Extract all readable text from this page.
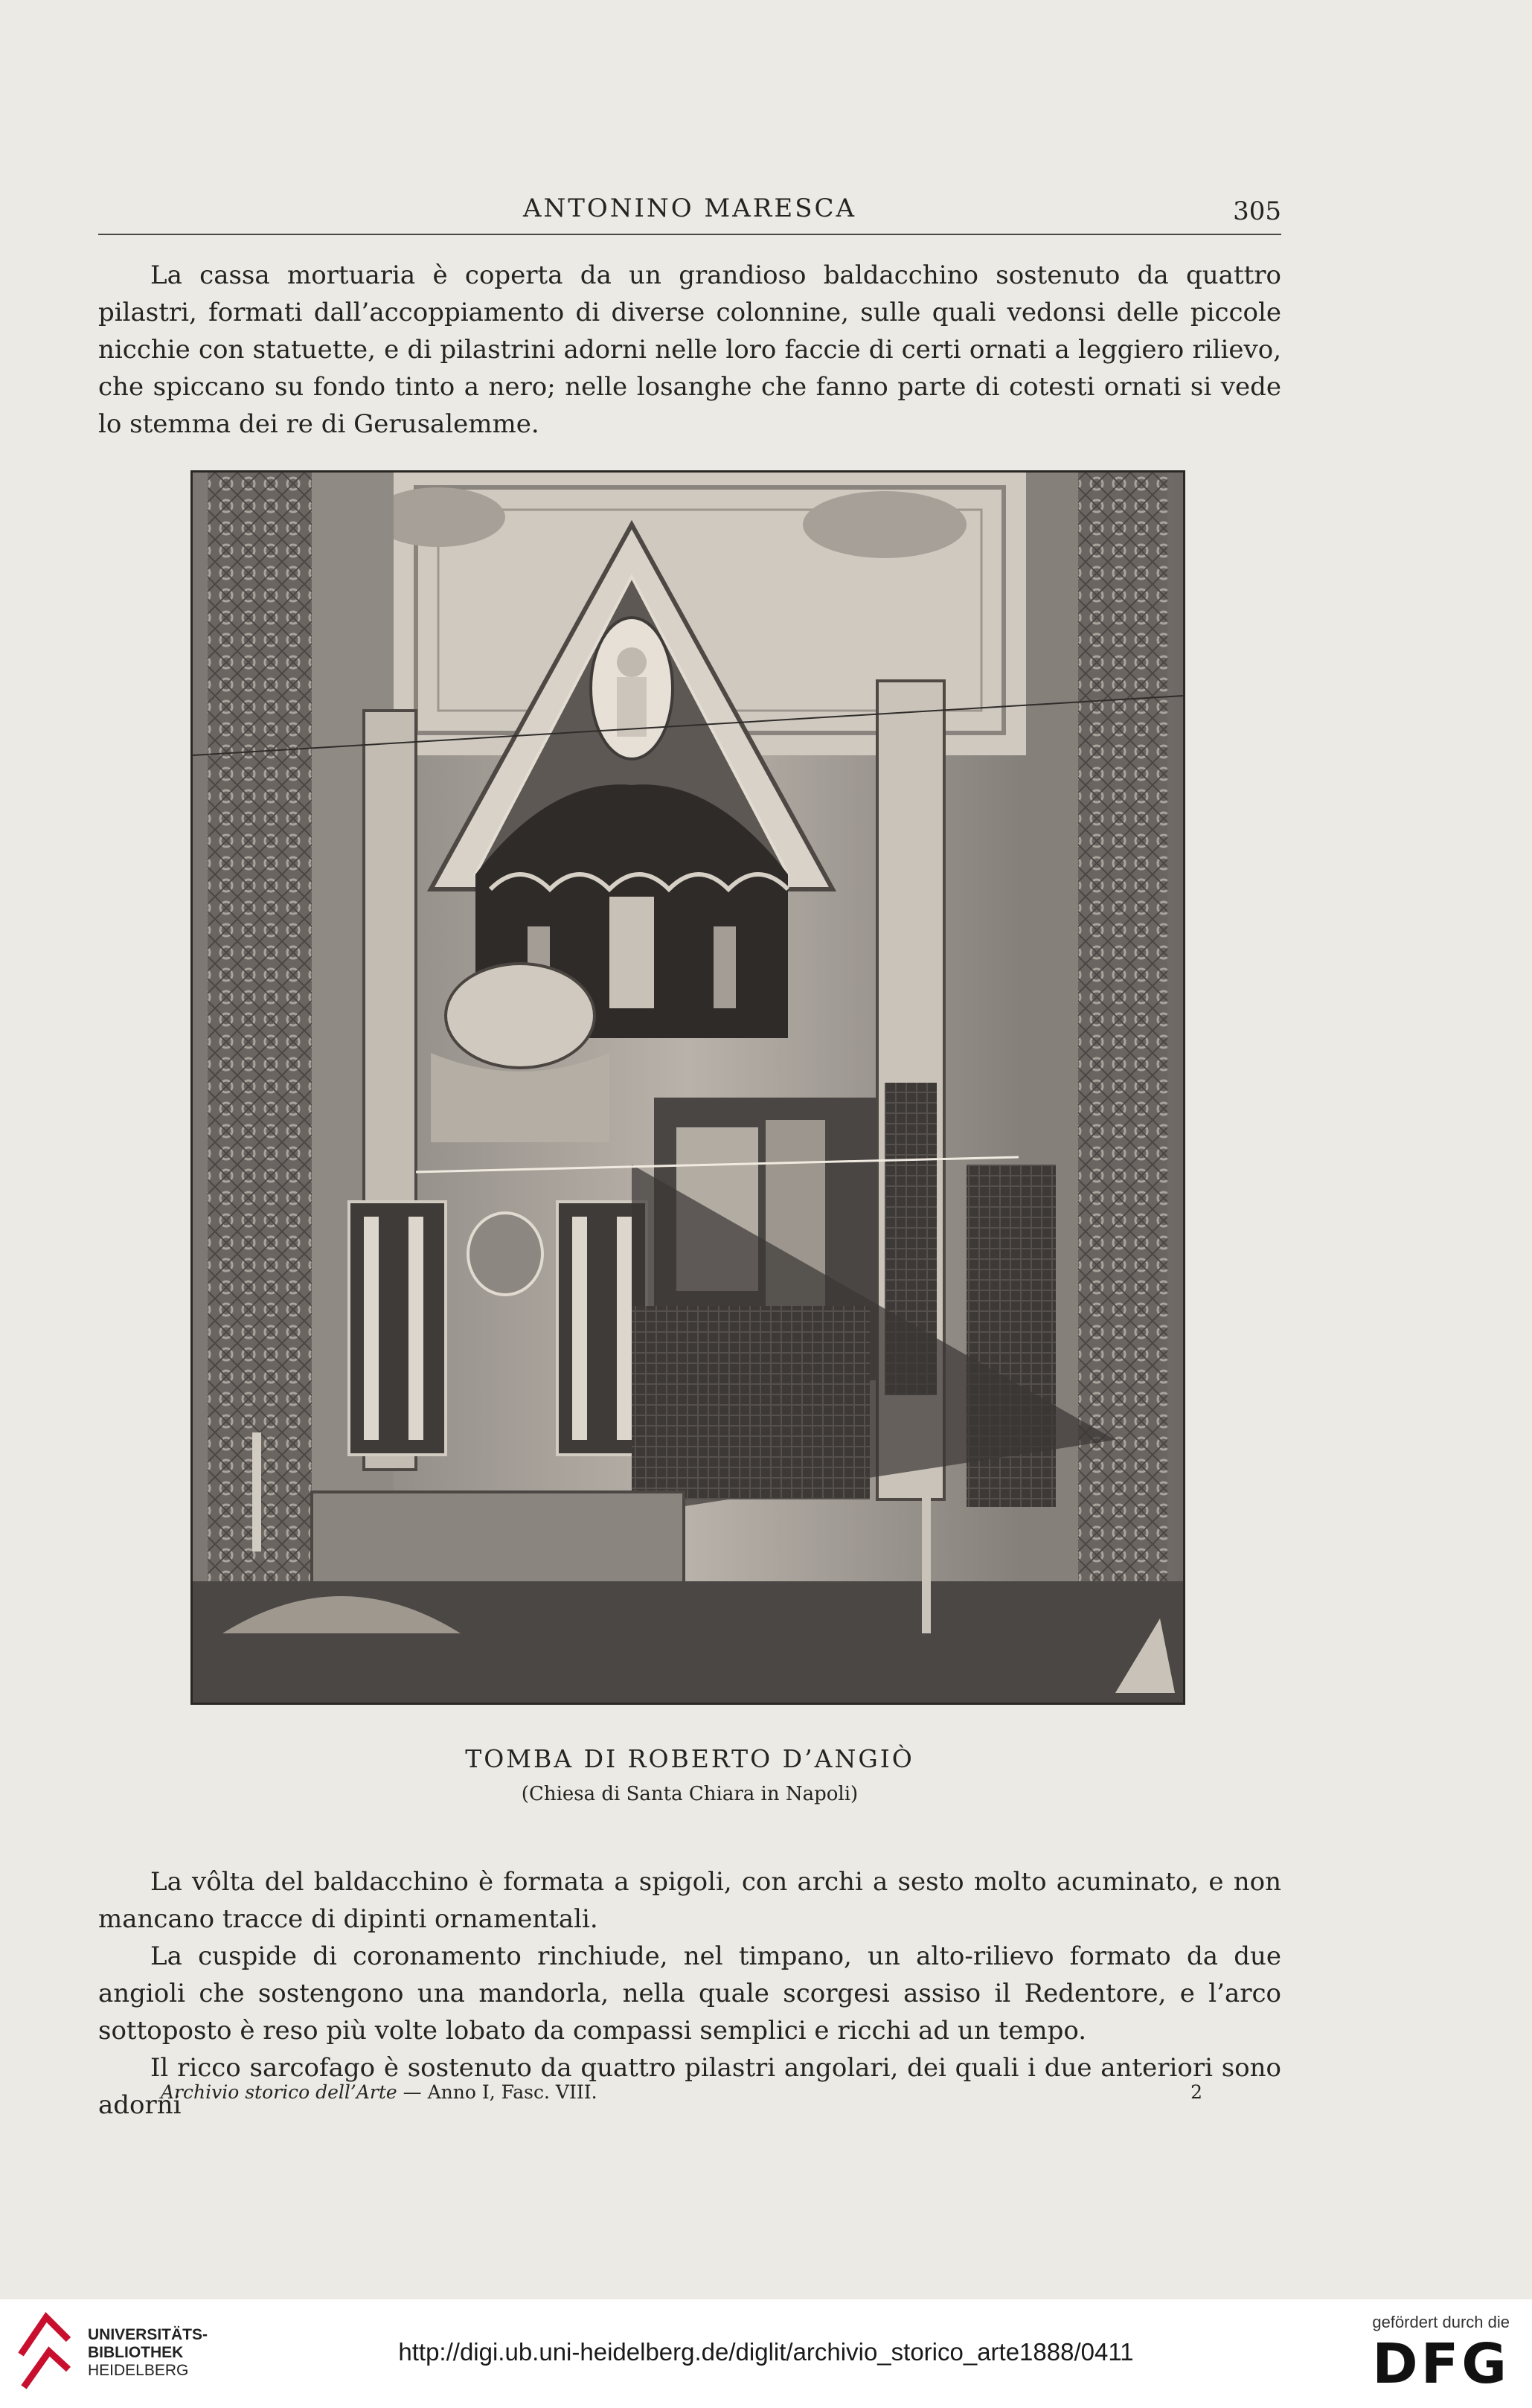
ANTONINO MARESCA	305
La cassa mortuaria è coperta da un grandioso baldacchino sostenuto da quattro pilastri, formati dall’accoppiamento di diverse colonnine, sulle quali vedonsi delle piccole nicchie con statuette, e di pilastrini adorni nelle loro faccie di certi ornati a leggiero rilievo, che spiccano su fondo tinto a nero; nelle losanghe che fanno parte di cotesti ornati si vede lo stemma dei re di Gerusalemme.
TOMBA DI ROBERTO D’ANGIÒ
(Chiesa di Santa Chiara in Napoli)
La vôlta del baldacchino è formata a spigoli, con archi a sesto molto acuminato, e non mancano tracce di dipinti ornamentali.
La cuspide di coronamento rinchiude, nel timpano, un alto-rilievo formato da due angioli che sostengono una mandorla, nella quale scorgesi assiso il Redentore, e l’arco sottoposto è reso più volte lobato da compassi semplici e ricchi ad un tempo.
Il ricco sarcofago è sostenuto da quattro pilastri angolari, dei quali i due anteriori sono adorni
Archivio storico dell’Arte — Anno I, Fasc. VIII.	2
UNIVERSITÄTS-
BIBLIOTHEK
HEIDELBERG
http://digi.ub.uni-heidelberg.de/diglit/archivio_storico_arte1888/0411
gefördert durch die
DFG
